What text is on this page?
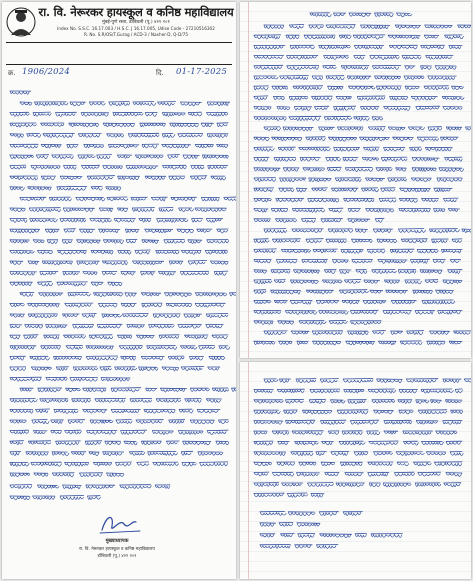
रा. वि. नेरूरकर हायस्कूल व कनिष्ठ महाविद्यालय
मुंबई-पुणे रस्ता, डोंबिवली (पू.) ४२१ २०१
Index No. S.S.C. 16.17.003 / H.S.C. J 16.17.005, Udise Code - 27210516302
R. No. S.R/OS/T.Gurag / ACD-3 / Naxher-D, Q-D/75
क्र. 1906/2024	दि. 01-17-2025
मुख्याध्यापक
रा. वि. नेरूरकर हायस्कूल व कनिष्ठ महाविद्यालय
डोंबिवली (पू.) ४२१ २०१
